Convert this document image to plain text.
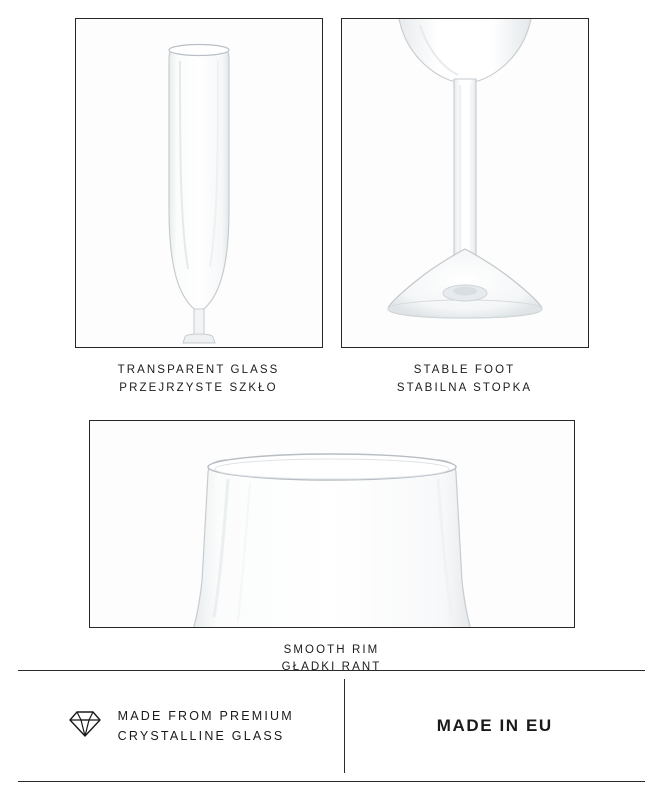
TRANSPARENT GLASS
PRZEJRZYSTE SZKŁO
STABLE FOOT
STABILNA STOPKA
SMOOTH RIM
GŁADKI RANT
MADE FROM PREMIUM
CRYSTALLINE GLASS
MADE IN EU
